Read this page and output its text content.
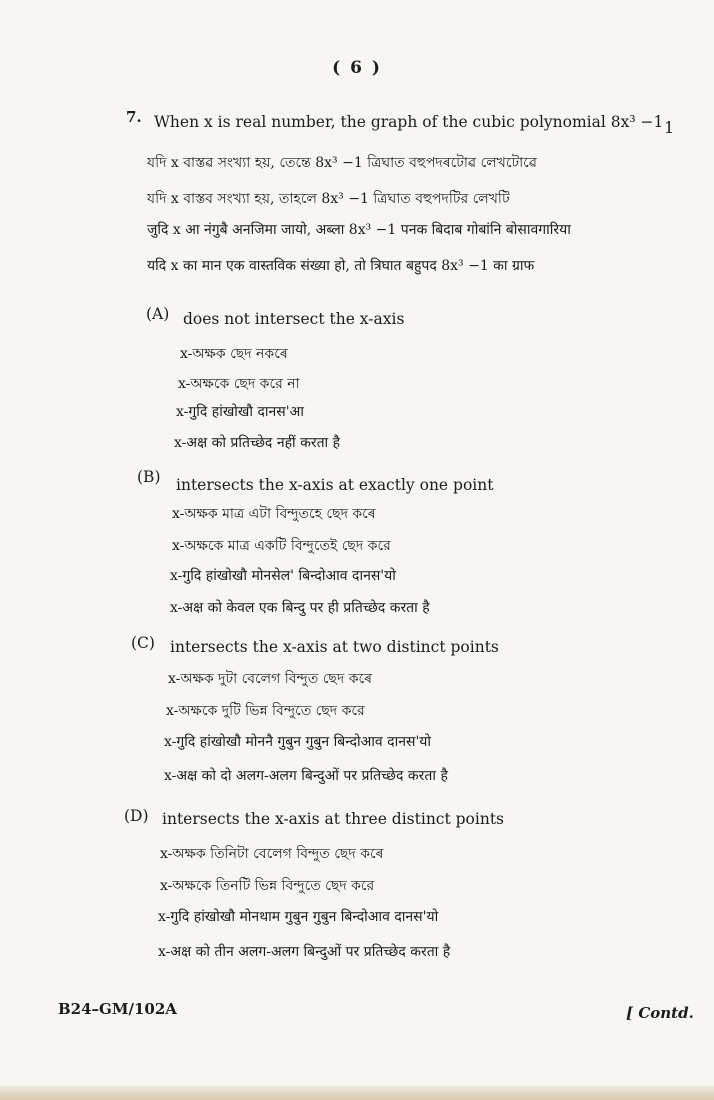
( 6 )
7. When x is real number, the graph of the cubic polynomial 8x³ −1 1
যদি x বাস্তৱ সংখ্যা হয়, তেন্তে 8x³ −1 ত্ৰিঘাত বহুপদৰটোৱ লেখটোৱে
যদি x বাস্তব সংখ্যা হয়, তাহলে 8x³ −1 ত্রিঘাত বহুপদটির লেখটি
जुदि x आ नंगुबै अनजिमा जायो, अब्ला 8x³ −1 पनक बिदाब गोबांनि बोसावगारिया
यदि x का मान एक वास्तविक संख्या हो, तो त्रिघात बहुपद 8x³ −1 का ग्राफ
(A) does not intersect the x-axis
x-অক্ষক ছেদ নকৰে
x-অক্ষকে ছেদ করে না
x-गुदि हांखोखौ दानस'आ
x-अक्ष को प्रतिच्छेद नहीं करता है
(B) intersects the x-axis at exactly one point
x-অক্ষক মাত্ৰ এটা বিন্দুতহে ছেদ কৰে
x-অক্ষকে মাত্র একটি বিন্দুতেই ছেদ করে
x-गुदि हांखोखौ मोनसेल' बिन्दोआव दानस'यो
x-अक्ष को केवल एक बिन्दु पर ही प्रतिच्छेद करता है
(C) intersects the x-axis at two distinct points
x-অক্ষক দুটা বেলেগ বিন্দুত ছেদ কৰে
x-অক্ষকে দুটি ভিন্ন বিন্দুতে ছেদ করে
x-गुदि हांखोखौ मोननै गुबुन गुबुन बिन्दोआव दानस'यो
x-अक्ष को दो अलग-अलग बिन्दुओं पर प्रतिच्छेद करता है
(D) intersects the x-axis at three distinct points
x-অক্ষক তিনিটা বেলেগ বিন্দুত ছেদ কৰে
x-অক্ষকে তিনটি ভিন্ন বিন্দুতে ছেদ করে
x-गुदि हांखोखौ मोनथाम गुबुन गुबुन बिन्दोआव दानस'यो
x-अक्ष को तीन अलग-अलग बिन्दुओं पर प्रतिच्छेद करता है
B24–GM/102A	[ Contd.
